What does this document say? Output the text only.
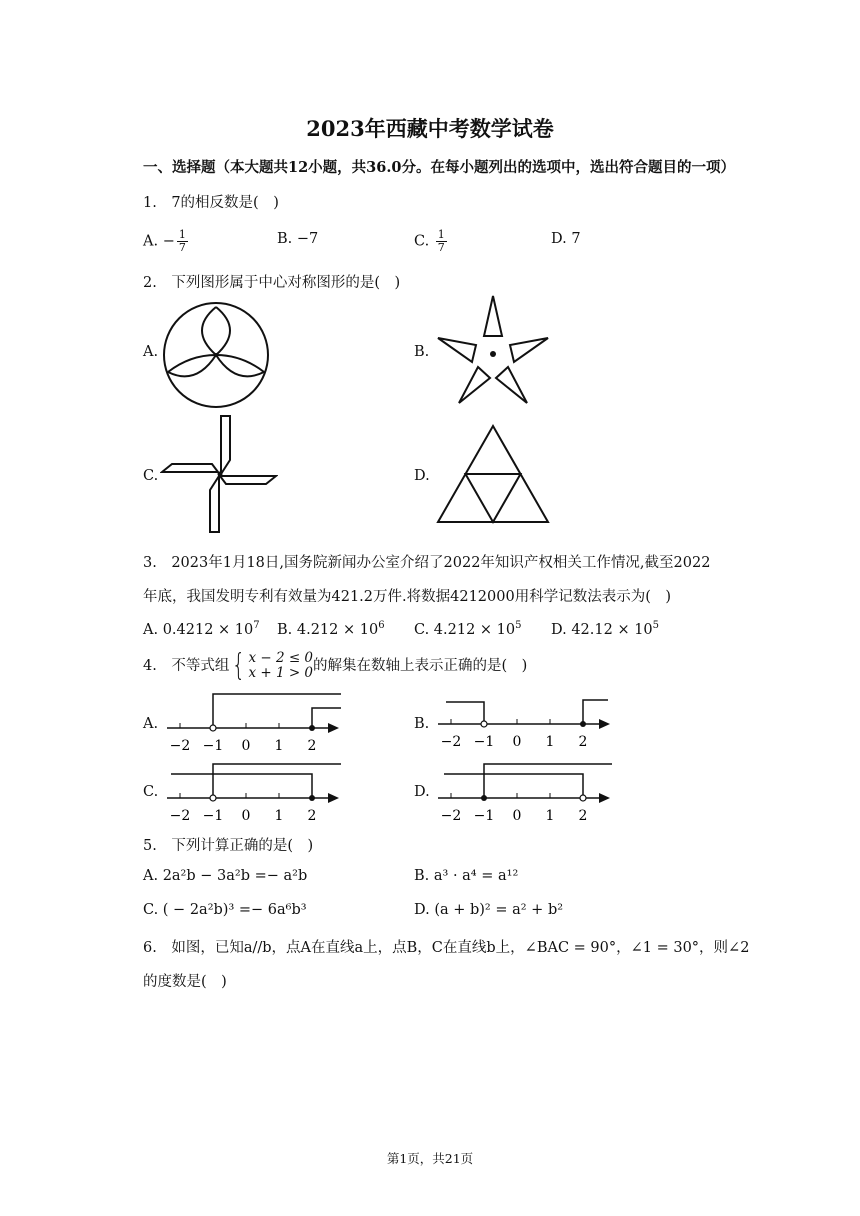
2023年西藏中考数学试卷
一、选择题（本大题共12小题，共36.0分。在每小题列出的选项中，选出符合题目的一项）
1.　7的相反数是(　)
A. − $\frac{1}{7}$	B. −7	C. $\frac{1}{7}$	D. 7
2.　下列图形属于中心对称图形的是(　)
A.	B.
C.	D.
3.　2023年1月18日,国务院新闻办公室介绍了2022年知识产权相关工作情况,截至2022
年底，我国发明专利有效量为421.2万件.将数据4212000用科学记数法表示为(　)
A. $0.4212 \times 10^7$ B. $4.212 \times 10^6$ C. $4.212 \times 10^5$ D. $42.12 \times 10^5$
4.　不等式组 { x − 2 ≤ 0
x + 1 > 0 的解集在数轴上表示正确的是(　)
A.	B.
C.	D.
−2 −1 0 1 2	−2 −1 0 1 2
−2 −1 0 1 2	−2 −1 0 1 2
5.　下列计算正确的是(　)
A. 2a²b − 3a²b =− a²b	B. a³ · a⁴ = a¹²
C. ( − 2a²b)³ =− 6a⁶b³	D. (a + b)² = a² + b²
6.　如图，已知a//b，点A在直线a上，点B，C在直线b上，∠BAC = 90°，∠1 = 30°，则∠2
的度数是(　)
第1页，共21页
